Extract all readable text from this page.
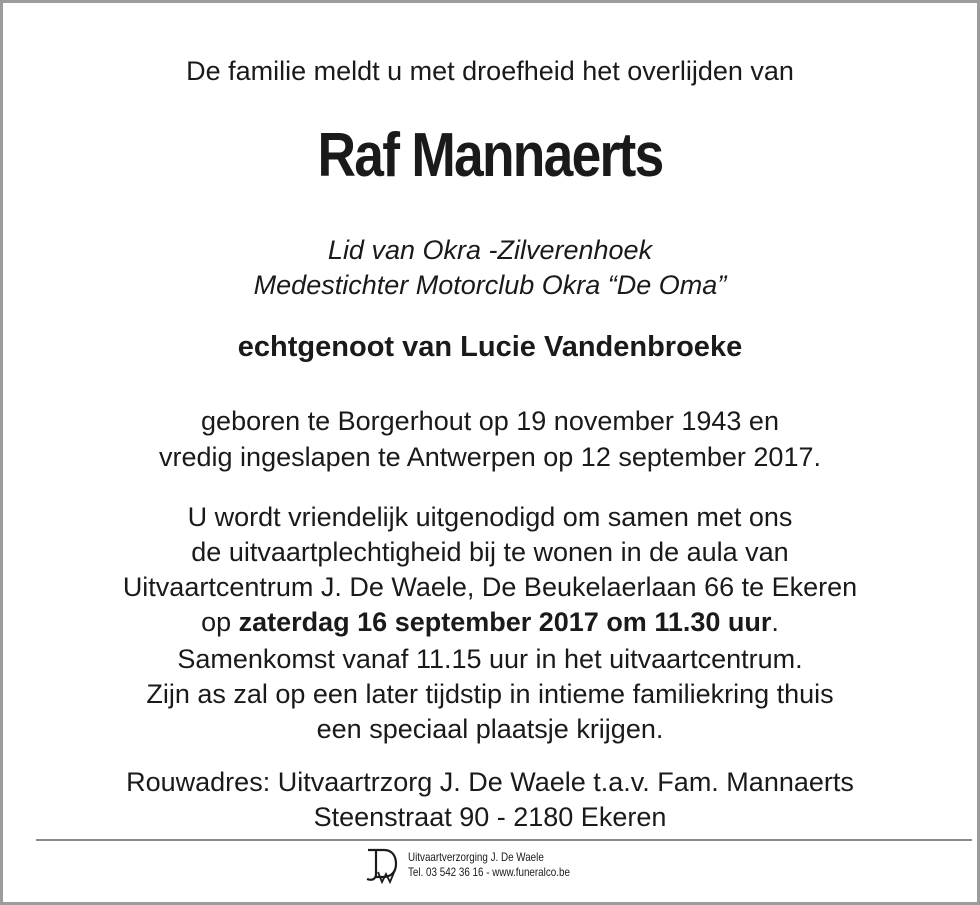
De familie meldt u met droefheid het overlijden van
Raf Mannaerts
Lid van Okra -Zilverenhoek
Medestichter Motorclub Okra “De Oma”
echtgenoot van Lucie Vandenbroeke
geboren te Borgerhout op 19 november 1943 en
vredig ingeslapen te Antwerpen op 12 september 2017.
U wordt vriendelijk uitgenodigd om samen met ons
de uitvaartplechtigheid bij te wonen in de aula van
Uitvaartcentrum J. De Waele, De Beukelaerlaan 66 te Ekeren
op zaterdag 16 september 2017 om 11.30 uur.
Samenkomst vanaf 11.15 uur in het uitvaartcentrum.
Zijn as zal op een later tijdstip in intieme familiekring thuis
een speciaal plaatsje krijgen.
Rouwadres: Uitvaartrzorg J. De Waele t.a.v. Fam. Mannaerts
Steenstraat 90 - 2180 Ekeren
Uitvaartverzorging J. De Waele
Tel. 03 542 36 16 - www.funeralco.be
